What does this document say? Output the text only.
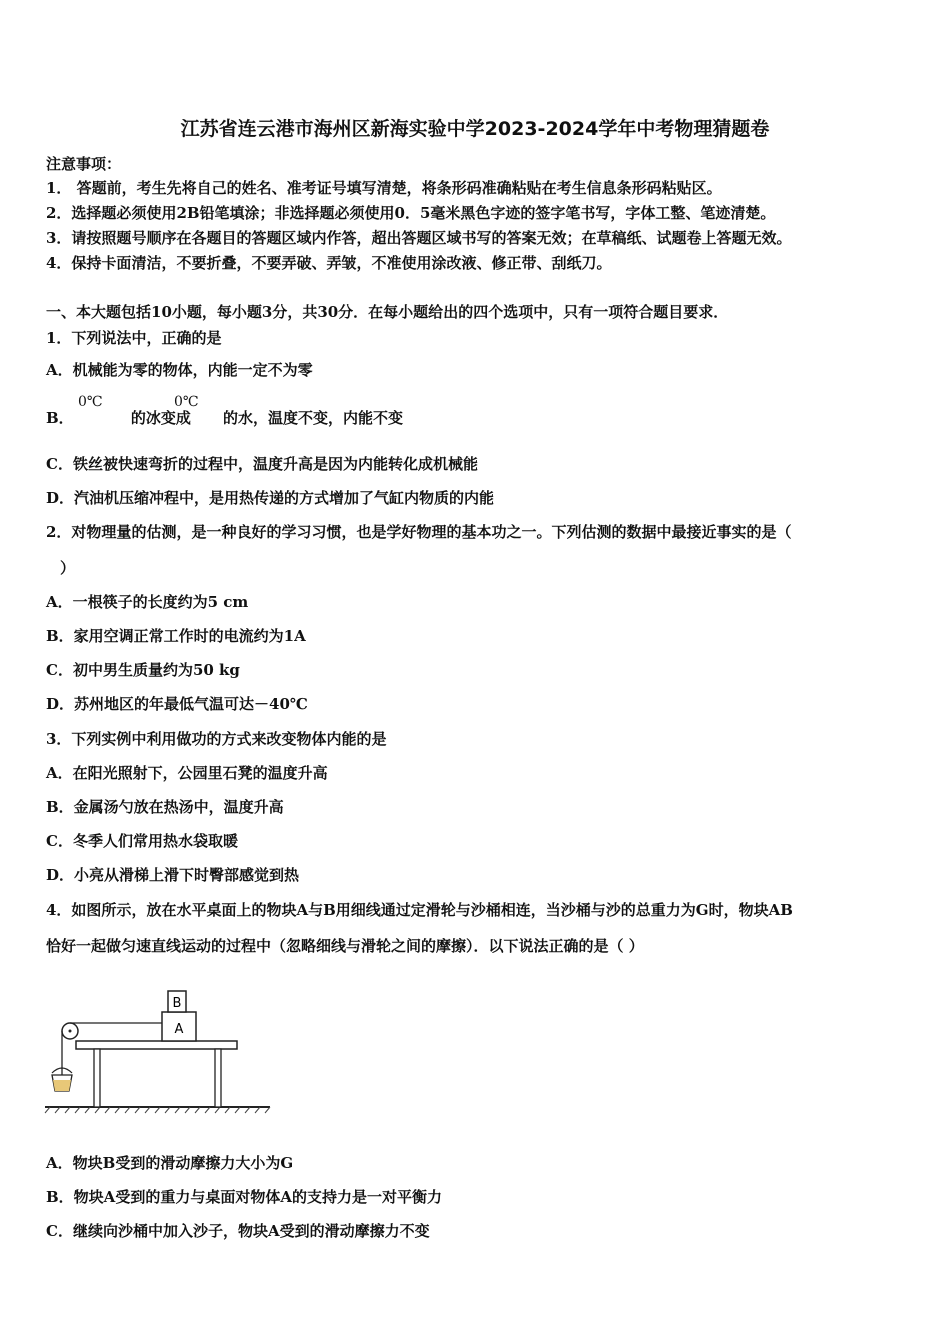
江苏省连云港市海州区新海实验中学2023-2024学年中考物理猜题卷
注意事项：
1． 答题前，考生先将自己的姓名、准考证号填写清楚，将条形码准确粘贴在考生信息条形码粘贴区。
2．选择题必须使用2B铅笔填涂；非选择题必须使用0．5毫米黑色字迹的签字笔书写，字体工整、笔迹清楚。
3．请按照题号顺序在各题目的答题区域内作答，超出答题区域书写的答案无效；在草稿纸、试题卷上答题无效。
4．保持卡面清洁，不要折叠，不要弄破、弄皱，不准使用涂改液、修正带、刮纸刀。
一、本大题包括10小题，每小题3分，共30分．在每小题给出的四个选项中，只有一项符合题目要求．
1．下列说法中，正确的是
A．机械能为零的物体，内能一定不为零
B．	的冰变成 的水，温度不变，内能不变
0℃	0℃
C．铁丝被快速弯折的过程中，温度升高是因为内能转化成机械能
D．汽油机压缩冲程中，是用热传递的方式增加了气缸内物质的内能
2．对物理量的估测，是一种良好的学习习惯，也是学好物理的基本功之一。下列估测的数据中最接近事实的是（
）
A．一根筷子的长度约为5 cm
B．家用空调正常工作时的电流约为1A
C．初中男生质量约为50 kg
D．苏州地区的年最低气温可达－40℃
3．下列实例中利用做功的方式来改变物体内能的是
A．在阳光照射下，公园里石凳的温度升高
B．金属汤勺放在热汤中，温度升高
C．冬季人们常用热水袋取暖
D．小亮从滑梯上滑下时臀部感觉到热
4．如图所示，放在水平桌面上的物块A与B用细线通过定滑轮与沙桶相连，当沙桶与沙的总重力为G时，物块AB
恰好一起做匀速直线运动的过程中（忽略细线与滑轮之间的摩擦）．以下说法正确的是（ ）
A
B
A．物块B受到的滑动摩擦力大小为G
B．物块A受到的重力与桌面对物体A的支持力是一对平衡力
C．继续向沙桶中加入沙子，物块A受到的滑动摩擦力不变
